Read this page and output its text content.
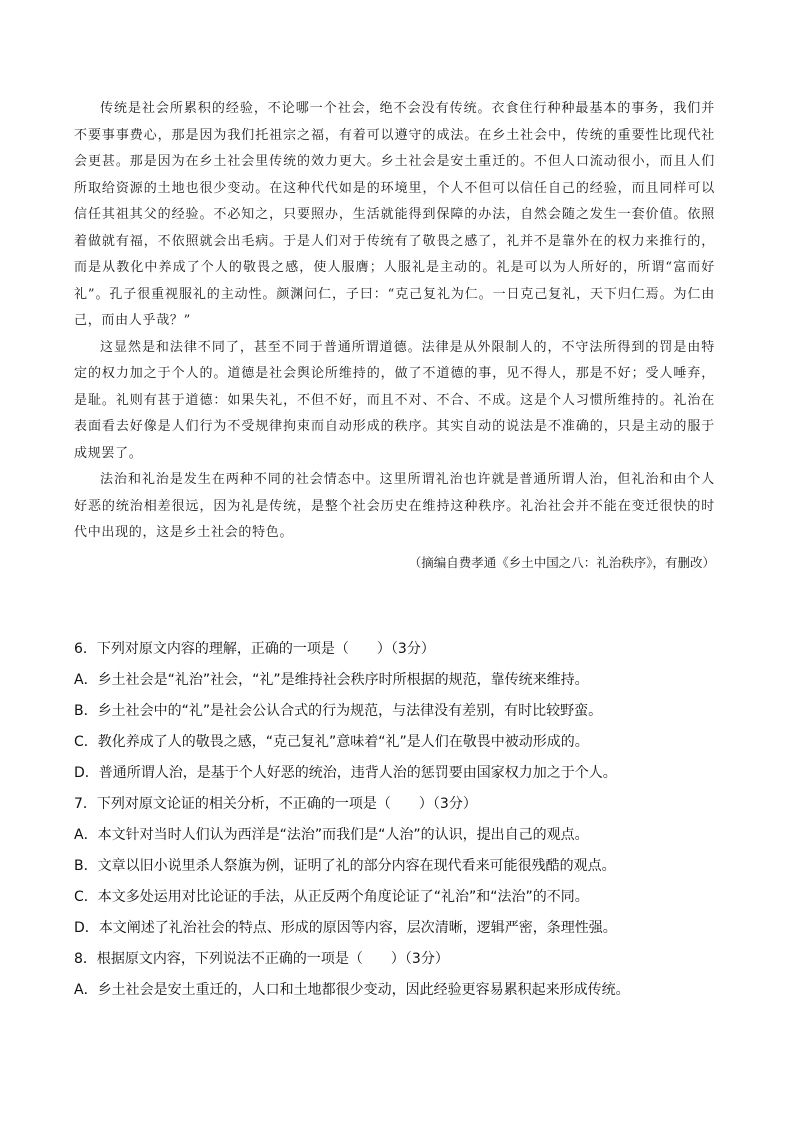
传统是社会所累积的经验，不论哪一个社会，绝不会没有传统。衣食住行种种最基本的事务，我们并不要事事费心，那是因为我们托祖宗之福，有着可以遵守的成法。在乡土社会中，传统的重要性比现代社会更甚。那是因为在乡土社会里传统的效力更大。乡土社会是安土重迁的。不但人口流动很小，而且人们所取给资源的土地也很少变动。在这种代代如是的环境里，个人不但可以信任自己的经验，而且同样可以信任其祖其父的经验。不必知之，只要照办，生活就能得到保障的办法，自然会随之发生一套价值。依照着做就有福，不依照就会出毛病。于是人们对于传统有了敬畏之感了，礼并不是靠外在的权力来推行的，而是从教化中养成了个人的敬畏之感，使人服膺；人服礼是主动的。礼是可以为人所好的，所谓“富而好礼”。孔子很重视服礼的主动性。颜渊问仁，子曰：“克己复礼为仁。一日克己复礼，天下归仁焉。为仁由己，而由人乎哉？”

这显然是和法律不同了，甚至不同于普通所谓道德。法律是从外限制人的，不守法所得到的罚是由特定的权力加之于个人的。道德是社会舆论所维持的，做了不道德的事，见不得人，那是不好；受人唾弃，是耻。礼则有甚于道德：如果失礼，不但不好，而且不对、不合、不成。这是个人习惯所维持的。礼治在表面看去好像是人们行为不受规律拘束而自动形成的秩序。其实自动的说法是不准确的，只是主动的服于成规罢了。

法治和礼治是发生在两种不同的社会情态中。这里所谓礼治也许就是普通所谓人治，但礼治和由个人好恶的统治相差很远，因为礼是传统，是整个社会历史在维持这种秩序。礼治社会并不能在变迁很快的时代中出现的，这是乡土社会的特色。

（摘编自费孝通《乡土中国之八：礼治秩序》，有删改）
6．下列对原文内容的理解，正确的一项是（　　）（3分）
A．乡土社会是“礼治”社会，“礼”是维持社会秩序时所根据的规范，靠传统来维持。
B．乡土社会中的“礼”是社会公认合式的行为规范，与法律没有差别，有时比较野蛮。
C．教化养成了人的敬畏之感，“克己复礼”意味着“礼”是人们在敬畏中被动形成的。
D．普通所谓人治，是基于个人好恶的统治，违背人治的惩罚要由国家权力加之于个人。
7．下列对原文论证的相关分析，不正确的一项是（　　）（3分）
A．本文针对当时人们认为西洋是“法治”而我们是“人治”的认识，提出自己的观点。
B．文章以旧小说里杀人祭旗为例，证明了礼的部分内容在现代看来可能很残酷的观点。
C．本文多处运用对比论证的手法，从正反两个角度论证了“礼治”和“法治”的不同。
D．本文阐述了礼治社会的特点、形成的原因等内容，层次清晰，逻辑严密，条理性强。
8．根据原文内容，下列说法不正确的一项是（　　）（3分）
A．乡土社会是安土重迁的，人口和土地都很少变动，因此经验更容易累积起来形成传统。
